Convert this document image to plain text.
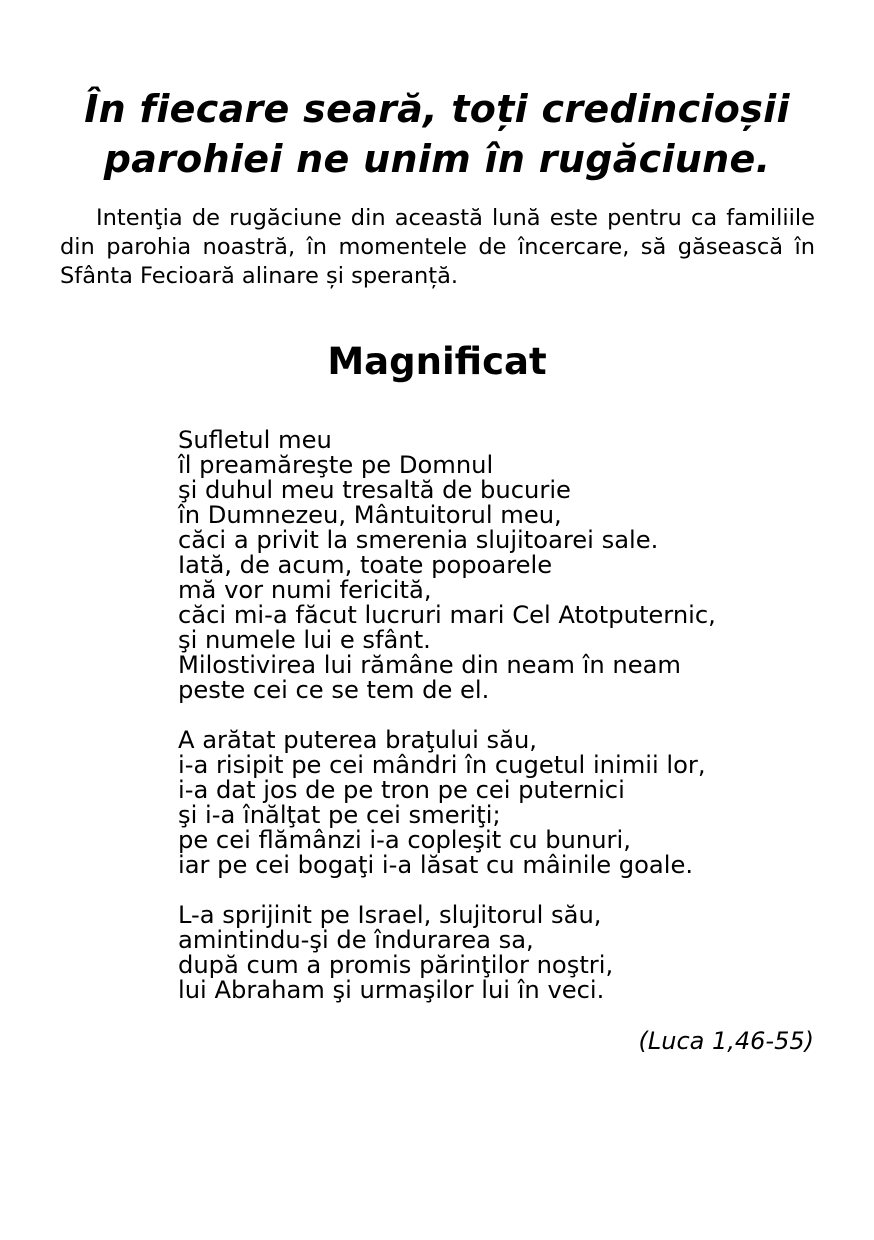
În fiecare seară, toți credincioșii
parohiei ne unim în rugăciune.

Intenţia de rugăciune din această lună este pentru ca familiile din parohia noastră, în momentele de încercare, să găsească în Sfânta Fecioară alinare și speranță.

Magnificat
Sufletul meu
îl preamăreşte pe Domnul
şi duhul meu tresaltă de bucurie
în Dumnezeu, Mântuitorul meu,
căci a privit la smerenia slujitoarei sale.
Iată, de acum, toate popoarele
mă vor numi fericită,
căci mi-a făcut lucruri mari Cel Atotputernic,
şi numele lui e sfânt.
Milostivirea lui rămâne din neam în neam
peste cei ce se tem de el.
A arătat puterea braţului său,
i-a risipit pe cei mândri în cugetul inimii lor,
i-a dat jos de pe tron pe cei puternici
şi i-a înălţat pe cei smeriţi;
pe cei flămânzi i-a copleşit cu bunuri,
iar pe cei bogaţi i-a lăsat cu mâinile goale.
L-a sprijinit pe Israel, slujitorul său,
amintindu-şi de îndurarea sa,
după cum a promis părinţilor noştri,
lui Abraham şi urmaşilor lui în veci.

(Luca 1,46-55)
